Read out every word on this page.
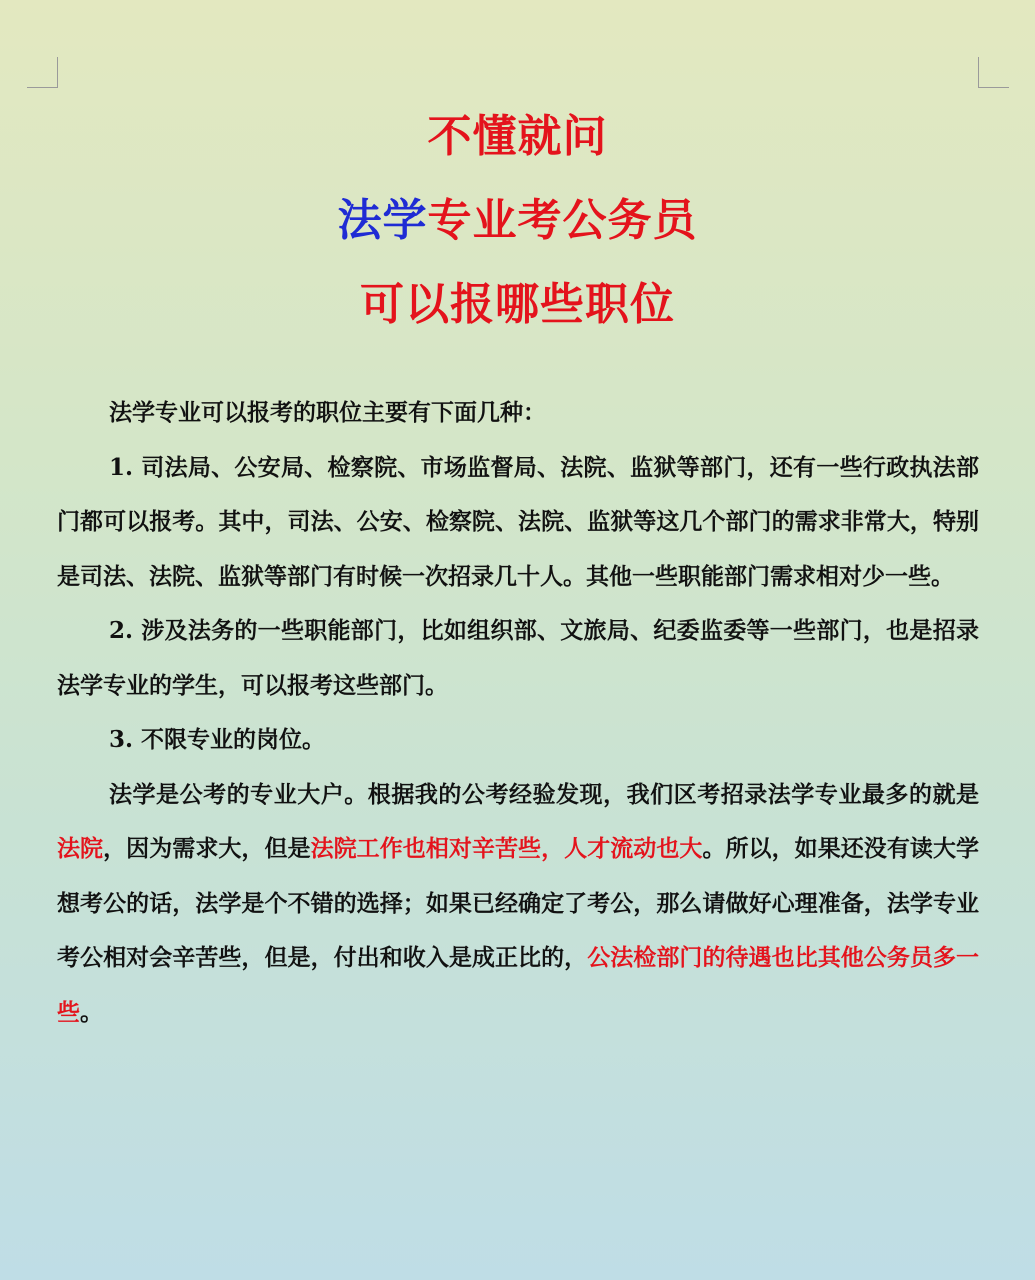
不懂就问
法学专业考公务员
可以报哪些职位

法学专业可以报考的职位主要有下面几种：

1. 司法局、公安局、检察院、市场监督局、法院、监狱等部门，还有一些行政执法部门都可以报考。其中，司法、公安、检察院、法院、监狱等这几个部门的需求非常大，特别是司法、法院、监狱等部门有时候一次招录几十人。其他一些职能部门需求相对少一些。

2. 涉及法务的一些职能部门，比如组织部、文旅局、纪委监委等一些部门，也是招录法学专业的学生，可以报考这些部门。

3. 不限专业的岗位。

法学是公考的专业大户。根据我的公考经验发现，我们区考招录法学专业最多的就是法院，因为需求大，但是法院工作也相对辛苦些，人才流动也大。所以，如果还没有读大学想考公的话，法学是个不错的选择；如果已经确定了考公，那么请做好心理准备，法学专业考公相对会辛苦些，但是，付出和收入是成正比的，公法检部门的待遇也比其他公务员多一些。
